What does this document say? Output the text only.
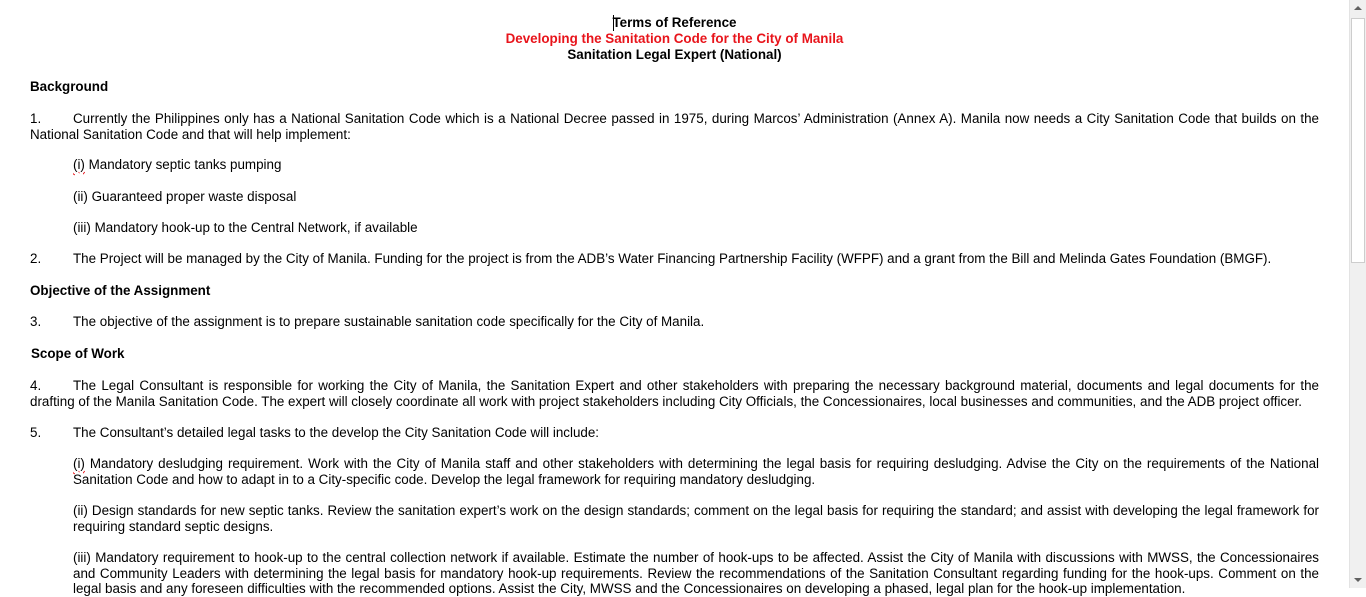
Terms of Reference
Developing the Sanitation Code for the City of Manila
Sanitation Legal Expert (National)
Background
1. Currently the Philippines only has a National Sanitation Code which is a National Decree passed in 1975, during Marcos’ Administration (Annex A). Manila now needs a City Sanitation Code that builds on the National Sanitation Code and that will help implement:
(i) Mandatory septic tanks pumping
(ii) Guaranteed proper waste disposal
(iii) Mandatory hook-up to the Central Network, if available
2. The Project will be managed by the City of Manila. Funding for the project is from the ADB’s Water Financing Partnership Facility (WFPF) and a grant from the Bill and Melinda Gates Foundation (BMGF).
Objective of the Assignment
3. The objective of the assignment is to prepare sustainable sanitation code specifically for the City of Manila.
Scope of Work
4. The Legal Consultant is responsible for working the City of Manila, the Sanitation Expert and other stakeholders with preparing the necessary background material, documents and legal documents for the drafting of the Manila Sanitation Code. The expert will closely coordinate all work with project stakeholders including City Officials, the Concessionaires, local businesses and communities, and the ADB project officer.
5. The Consultant’s detailed legal tasks to the develop the City Sanitation Code will include:
(i) Mandatory desludging requirement. Work with the City of Manila staff and other stakeholders with determining the legal basis for requiring desludging. Advise the City on the requirements of the National Sanitation Code and how to adapt in to a City-specific code. Develop the legal framework for requiring mandatory desludging.
(ii) Design standards for new septic tanks. Review the sanitation expert’s work on the design standards; comment on the legal basis for requiring the standard; and assist with developing the legal framework for requiring standard septic designs.
(iii) Mandatory requirement to hook-up to the central collection network if available. Estimate the number of hook-ups to be affected. Assist the City of Manila with discussions with MWSS, the Concessionaires and Community Leaders with determining the legal basis for mandatory hook-up requirements. Review the recommendations of the Sanitation Consultant regarding funding for the hook-ups. Comment on the legal basis and any foreseen difficulties with the recommended options. Assist the City, MWSS and the Concessionaires on developing a phased, legal plan for the hook-up implementation.
